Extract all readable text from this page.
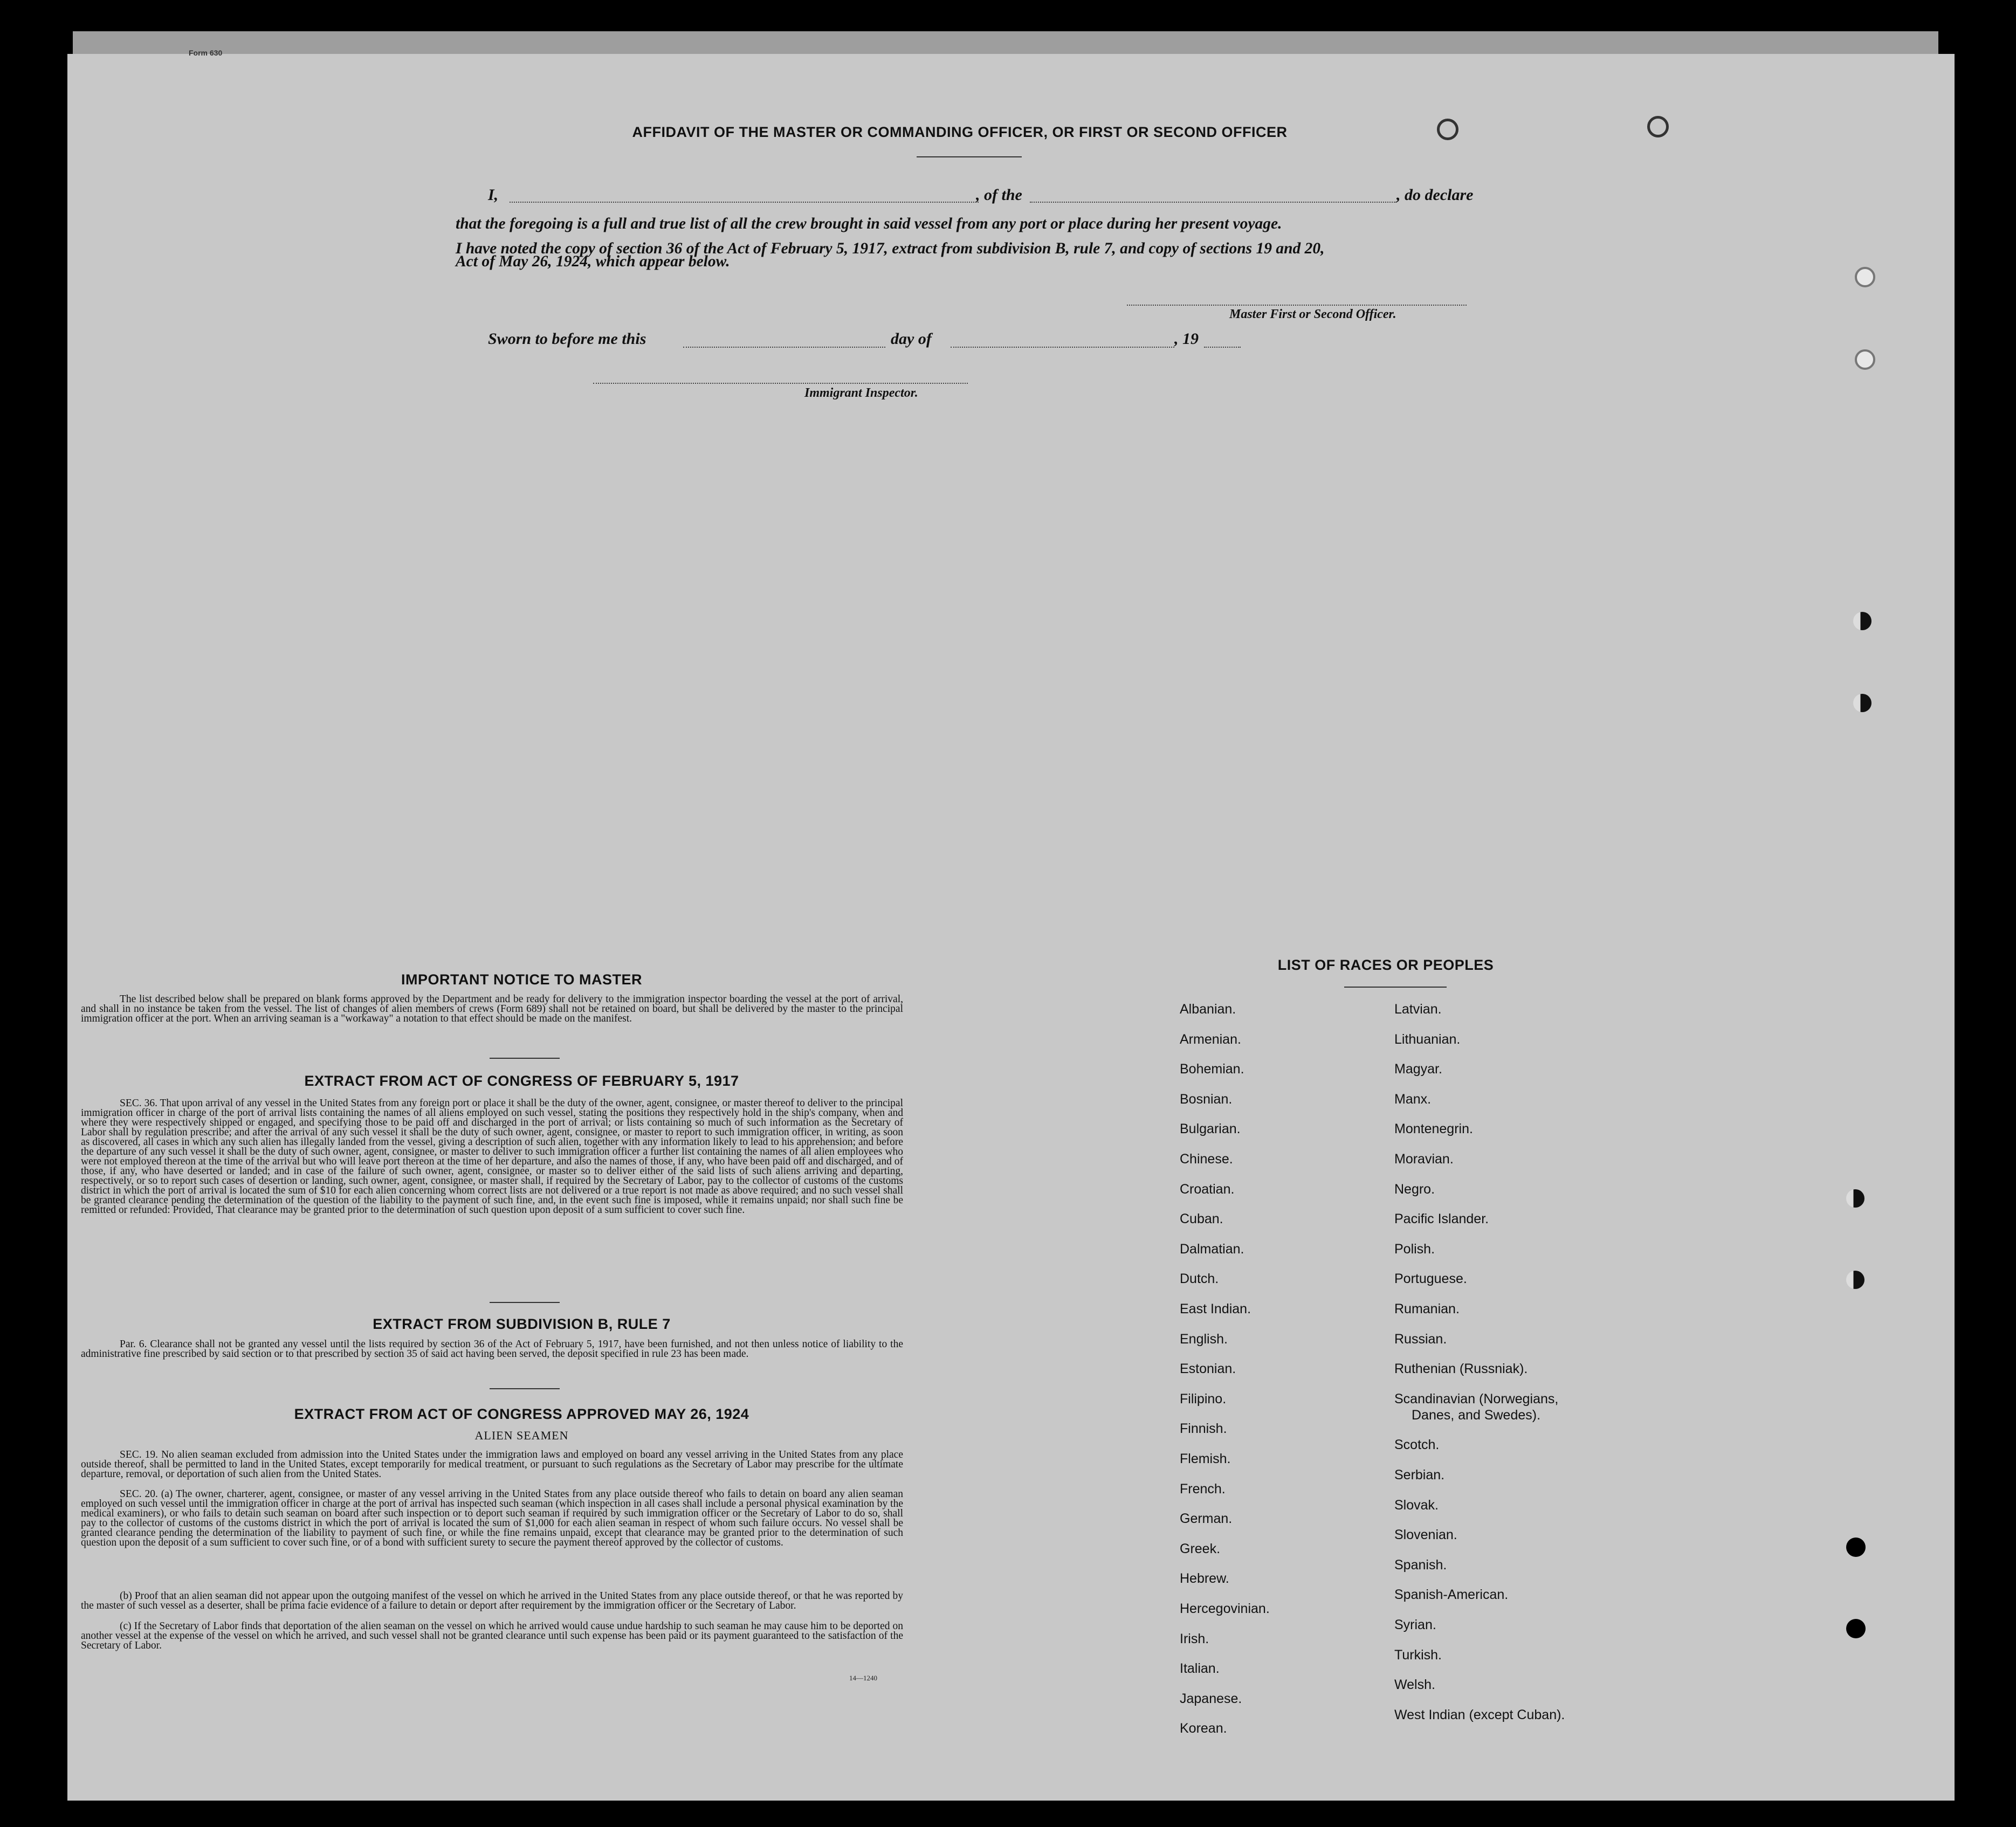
Form 630
AFFIDAVIT OF THE MASTER OR COMMANDING OFFICER, OR FIRST OR SECOND OFFICER
I,	, of the	, do declare
that the foregoing is a full and true list of all the crew brought in said vessel from any port or place during her present voyage.
I have noted the copy of section 36 of the Act of February 5, 1917, extract from subdivision B, rule 7, and copy of sections 19 and 20,
Act of May 26, 1924, which appear below.
Master First or Second Officer.
Sworn to before me this	day of	, 19
Immigrant Inspector.
IMPORTANT NOTICE TO MASTER

The list described below shall be prepared on blank forms approved by the Department and be ready for delivery to the immigration inspector boarding the vessel at the port of arrival, and shall in no instance be taken from the vessel. The list of changes of alien members of crews (Form 689) shall not be retained on board, but shall be delivered by the master to the principal immigration officer at the port. When an arriving seaman is a "workaway" a notation to that effect should be made on the manifest.

EXTRACT FROM ACT OF CONGRESS OF FEBRUARY 5, 1917

SEC. 36. That upon arrival of any vessel in the United States from any foreign port or place it shall be the duty of the owner, agent, consignee, or master thereof to deliver to the principal immigration officer in charge of the port of arrival lists containing the names of all aliens employed on such vessel, stating the positions they respectively hold in the ship's company, when and where they were respectively shipped or engaged, and specifying those to be paid off and discharged in the port of arrival; or lists containing so much of such information as the Secretary of Labor shall by regulation prescribe; and after the arrival of any such vessel it shall be the duty of such owner, agent, consignee, or master to report to such immigration officer, in writing, as soon as discovered, all cases in which any such alien has illegally landed from the vessel, giving a description of such alien, together with any information likely to lead to his apprehension; and before the departure of any such vessel it shall be the duty of such owner, agent, consignee, or master to deliver to such immigration officer a further list containing the names of all alien employees who were not employed thereon at the time of the arrival but who will leave port thereon at the time of her departure, and also the names of those, if any, who have been paid off and discharged, and of those, if any, who have deserted or landed; and in case of the failure of such owner, agent, consignee, or master so to deliver either of the said lists of such aliens arriving and departing, respectively, or so to report such cases of desertion or landing, such owner, agent, consignee, or master shall, if required by the Secretary of Labor, pay to the collector of customs of the customs district in which the port of arrival is located the sum of $10 for each alien concerning whom correct lists are not delivered or a true report is not made as above required; and no such vessel shall be granted clearance pending the determination of the question of the liability to the payment of such fine, and, in the event such fine is imposed, while it remains unpaid; nor shall such fine be remitted or refunded: Provided, That clearance may be granted prior to the determination of such question upon deposit of a sum sufficient to cover such fine.

EXTRACT FROM SUBDIVISION B, RULE 7

Par. 6. Clearance shall not be granted any vessel until the lists required by section 36 of the Act of February 5, 1917, have been furnished, and not then unless notice of liability to the administrative fine prescribed by said section or to that prescribed by section 35 of said act having been served, the deposit specified in rule 23 has been made.

EXTRACT FROM ACT OF CONGRESS APPROVED MAY 26, 1924
ALIEN SEAMEN

SEC. 19. No alien seaman excluded from admission into the United States under the immigration laws and employed on board any vessel arriving in the United States from any place outside thereof, shall be permitted to land in the United States, except temporarily for medical treatment, or pursuant to such regulations as the Secretary of Labor may prescribe for the ultimate departure, removal, or deportation of such alien from the United States.

SEC. 20. (a) The owner, charterer, agent, consignee, or master of any vessel arriving in the United States from any place outside thereof who fails to detain on board any alien seaman employed on such vessel until the immigration officer in charge at the port of arrival has inspected such seaman (which inspection in all cases shall include a personal physical examination by the medical examiners), or who fails to detain such seaman on board after such inspection or to deport such seaman if required by such immigration officer or the Secretary of Labor to do so, shall pay to the collector of customs of the customs district in which the port of arrival is located the sum of $1,000 for each alien seaman in respect of whom such failure occurs. No vessel shall be granted clearance pending the determination of the liability to payment of such fine, or while the fine remains unpaid, except that clearance may be granted prior to the determination of such question upon the deposit of a sum sufficient to cover such fine, or of a bond with sufficient surety to secure the payment thereof approved by the collector of customs.

(b) Proof that an alien seaman did not appear upon the outgoing manifest of the vessel on which he arrived in the United States from any place outside thereof, or that he was reported by the master of such vessel as a deserter, shall be prima facie evidence of a failure to detain or deport after requirement by the immigration officer or the Secretary of Labor.

(c) If the Secretary of Labor finds that deportation of the alien seaman on the vessel on which he arrived would cause undue hardship to such seaman he may cause him to be deported on another vessel at the expense of the vessel on which he arrived, and such vessel shall not be granted clearance until such expense has been paid or its payment guaranteed to the satisfaction of the Secretary of Labor.

14—1240
LIST OF RACES OR PEOPLES
Albanian.
Armenian.
Bohemian.
Bosnian.
Bulgarian.
Chinese.
Croatian.
Cuban.
Dalmatian.
Dutch.
East Indian.
English.
Estonian.
Filipino.
Finnish.
Flemish.
French.
German.
Greek.
Hebrew.
Hercegovinian.
Irish.
Italian.
Japanese.
Korean.
Latvian.
Lithuanian.
Magyar.
Manx.
Montenegrin.
Moravian.
Negro.
Pacific Islander.
Polish.
Portuguese.
Rumanian.
Russian.
Ruthenian (Russniak).
Scandinavian (Norwegians,
Danes, and Swedes).
Scotch.
Serbian.
Slovak.
Slovenian.
Spanish.
Spanish-American.
Syrian.
Turkish.
Welsh.
West Indian (except Cuban).
